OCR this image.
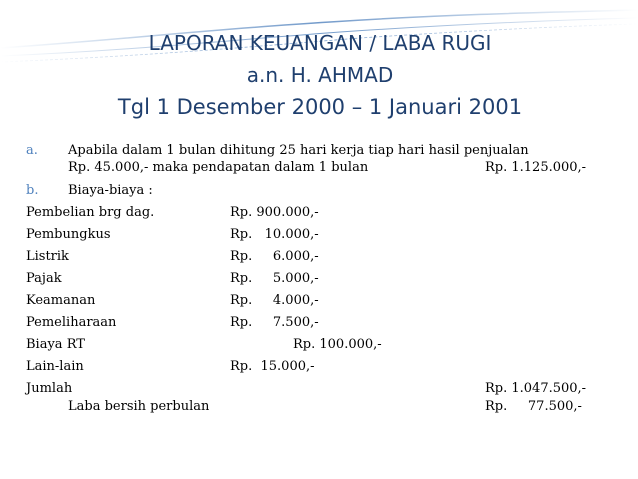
LAPORAN KEUANGAN / LABA RUGI
a.n. H. AHMAD
Tgl 1 Desember 2000 – 1 Januari 2001
a. Apabila dalam 1 bulan dihitung 25 hari kerja tiap hari hasil penjualan
Rp. 45.000,- maka pendapatan dalam 1 bulan	Rp. 1.125.000,-
b. Biaya-biaya :
Pembelian brg dag.	Rp. 900.000,-
Pembungkus	Rp.   10.000,-
Listrik	Rp.     6.000,-
Pajak	Rp.     5.000,-
Keamanan	Rp.     4.000,-
Pemeliharaan	Rp.     7.500,-
Biaya RT	Rp. 100.000,-
Lain-lain	Rp.  15.000,-
Jumlah	Rp. 1.047.500,-
Laba bersih perbulan	Rp.     77.500,-
